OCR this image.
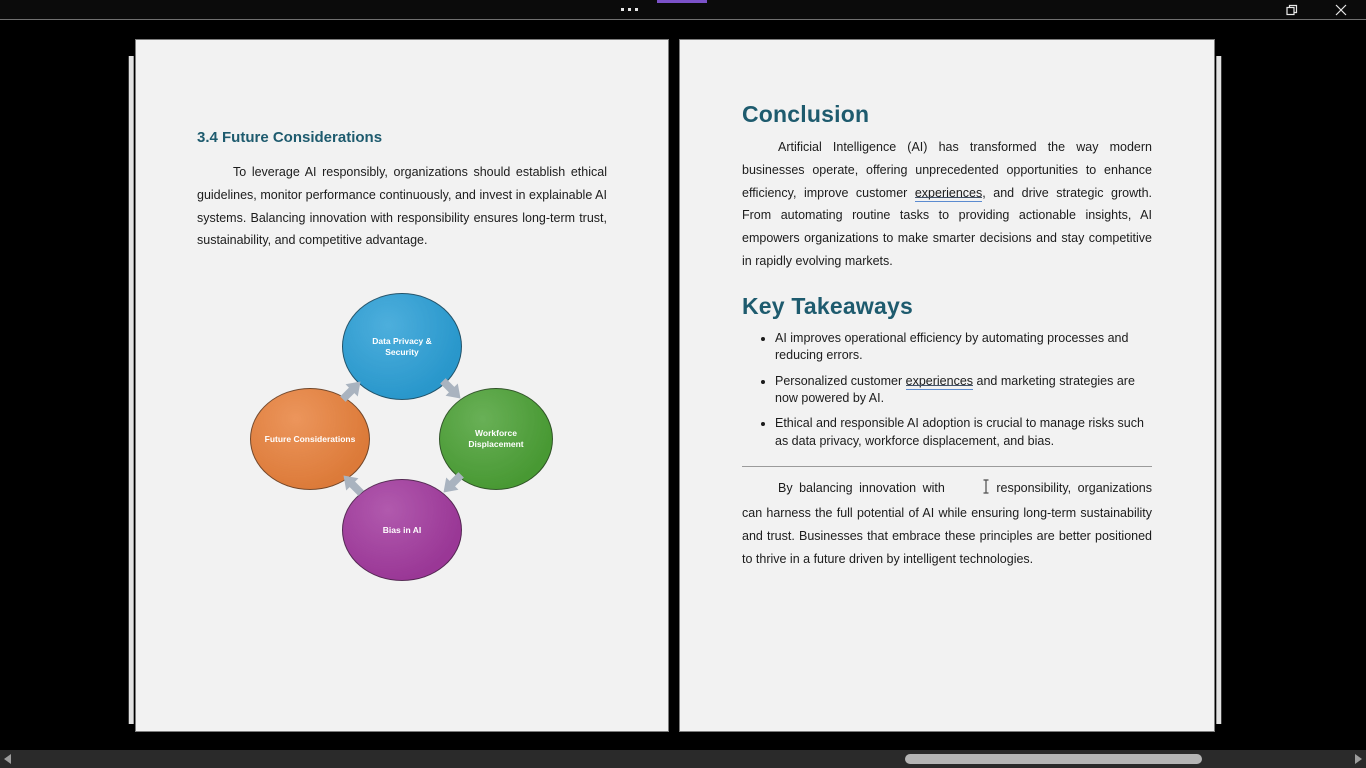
3.4 Future Considerations

To leverage AI responsibly, organizations should establish ethical guidelines, monitor performance continuously, and invest in explainable AI systems. Balancing innovation with responsibility ensures long-term trust, sustainability, and competitive advantage.

Data Privacy & Security
Workforce Displacement
Bias in AI
Future Considerations
Conclusion

Artificial Intelligence (AI) has transformed the way modern businesses operate, offering unprecedented opportunities to enhance efficiency, improve customer experiences, and drive strategic growth. From automating routine tasks to providing actionable insights, AI empowers organizations to make smarter decisions and stay competitive in rapidly evolving markets.

Key Takeaways
AI improves operational efficiency by automating processes and reducing errors.
Personalized customer experiences and marketing strategies are now powered by AI.
Ethical and responsible AI adoption is crucial to manage risks such as data privacy, workforce displacement, and bias.

By balancing innovation with	responsibility, organizations can harness the full potential of AI while ensuring long-term sustainability and trust. Businesses that embrace these principles are better positioned to thrive in a future driven by intelligent technologies.
